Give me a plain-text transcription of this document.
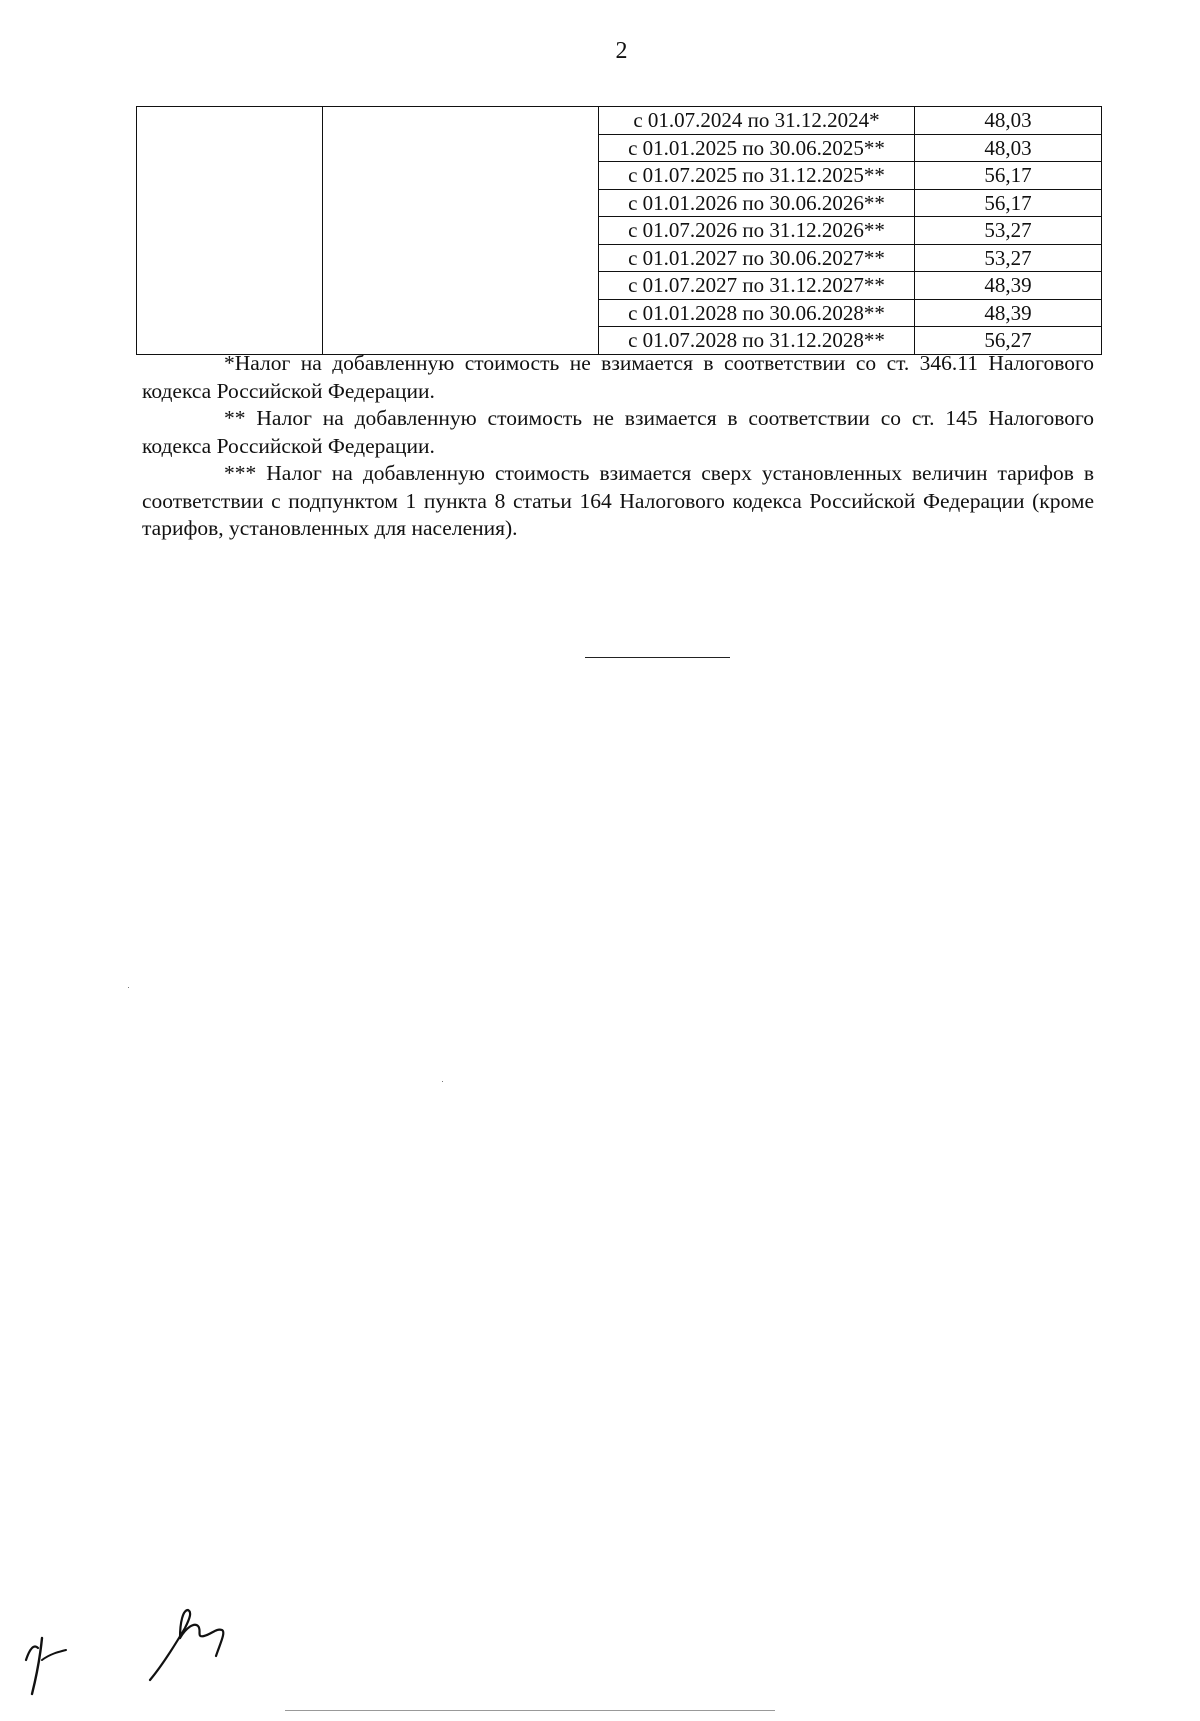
2
		с 01.07.2024 по 31.12.2024*	48,03
		с 01.01.2025 по 30.06.2025**	48,03
		с 01.07.2025 по 31.12.2025**	56,17
		с 01.01.2026 по 30.06.2026**	56,17
		с 01.07.2026 по 31.12.2026**	53,27
		с 01.01.2027 по 30.06.2027**	53,27
		с 01.07.2027 по 31.12.2027**	48,39
		с 01.01.2028 по 30.06.2028**	48,39
		с 01.07.2028 по 31.12.2028**	56,27

*Налог на добавленную стоимость не взимается в соответствии со ст. 346.11 Налогового кодекса Российской Федерации.

** Налог на добавленную стоимость не взимается в соответствии со ст. 145 Налогового кодекса Российской Федерации.

*** Налог на добавленную стоимость взимается сверх установленных величин тарифов в соответствии с подпунктом 1 пункта 8 статьи 164 Налогового кодекса Российской Федерации (кроме тарифов, установленных для населения).
